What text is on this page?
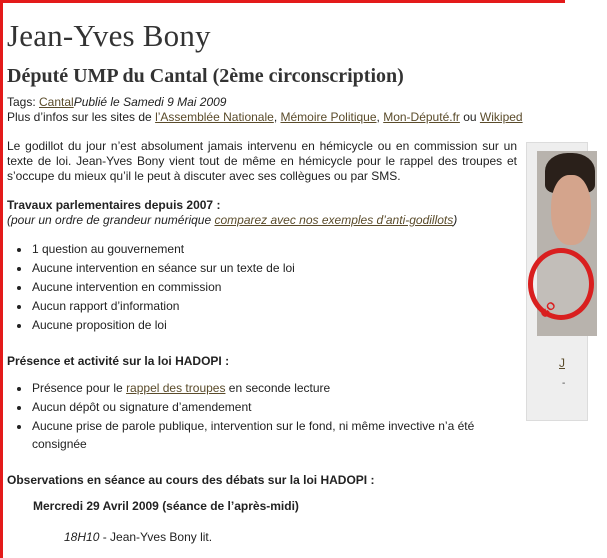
Jean-Yves Bony
Député UMP du Cantal (2ème circonscription)
Tags: CantalPublié le Samedi 9 Mai 2009
Plus d’infos sur les sites de l’Assemblée Nationale, Mémoire Politique, Mon-Député.fr ou Wikiped

Le godillot du jour n’est absolument jamais intervenu en hémicycle ou en commission sur un texte de loi. Jean-Yves Bony vient tout de même en hémicycle pour le rappel des troupes et s’occupe du mieux qu’il le peut à discuter avec ses collègues ou par SMS.

Travaux parlementaires depuis 2007 :
(pour un ordre de grandeur numérique comparez avec nos exemples d’anti-godillots)
1 question au gouvernement
Aucune intervention en séance sur un texte de loi
Aucune intervention en commission
Aucun rapport d’information
Aucune proposition de loi
Présence et activité sur la loi HADOPI :
Présence pour le rappel des troupes en seconde lecture
Aucun dépôt ou signature d’amendement
Aucune prise de parole publique, intervention sur le fond, ni même invective n’a été consignée
Observations en séance au cours des débats sur la loi HADOPI :
Mercredi 29 Avril 2009 (séance de l’après-midi)
18H10 - Jean-Yves Bony lit.
GO
J
-
